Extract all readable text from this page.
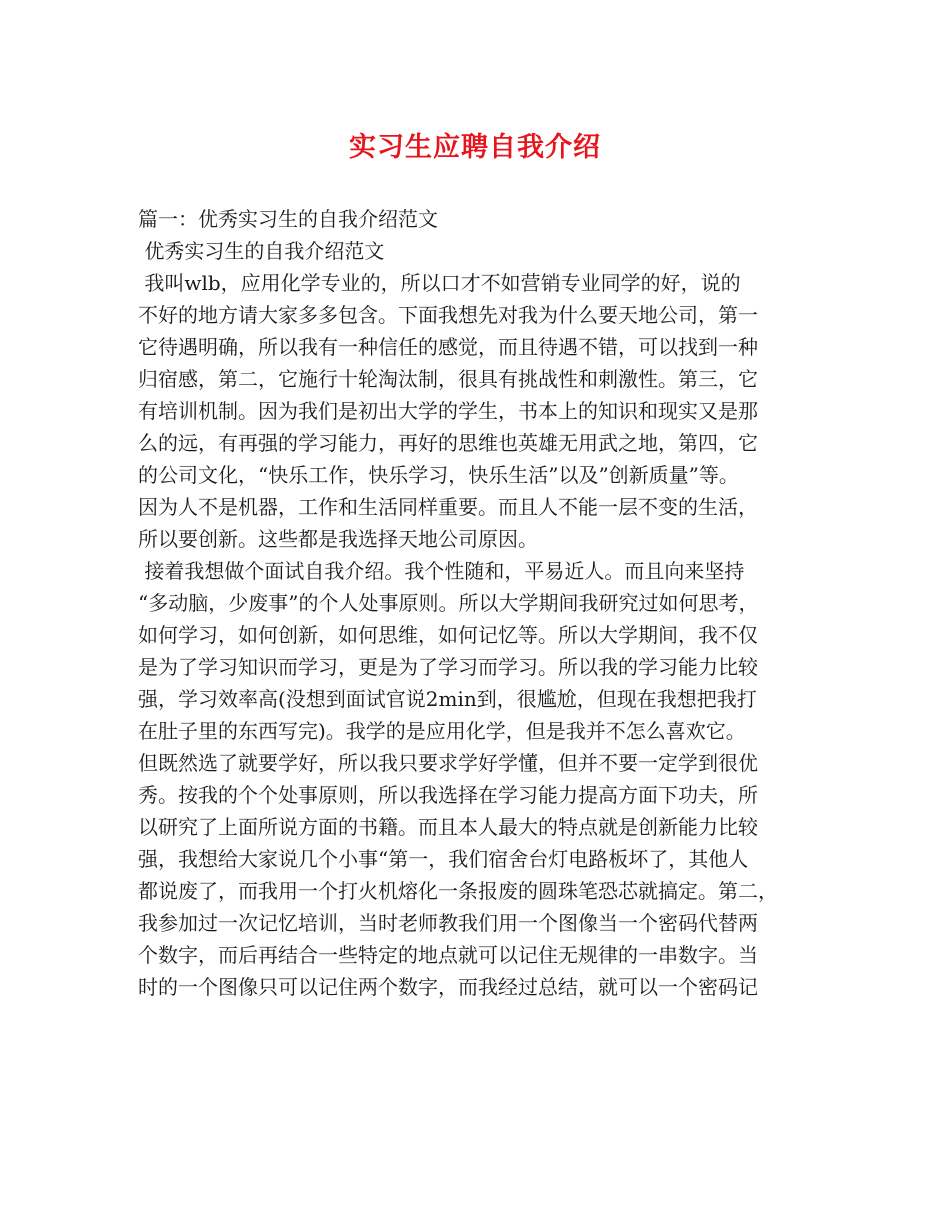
实习生应聘自我介绍
篇一：优秀实习生的自我介绍范文
优秀实习生的自我介绍范文
我叫wlb，应用化学专业的，所以口才不如营销专业同学的好，说的
不好的地方请大家多多包含。下面我想先对我为什么要天地公司，第一
它待遇明确，所以我有一种信任的感觉，而且待遇不错，可以找到一种
归宿感，第二，它施行十轮淘汰制，很具有挑战性和刺激性。第三，它
有培训机制。因为我们是初出大学的学生，书本上的知识和现实又是那
么的远，有再强的学习能力，再好的思维也英雄无用武之地，第四，它
的公司文化，“快乐工作，快乐学习，快乐生活”以及”创新质量”等。
因为人不是机器，工作和生活同样重要。而且人不能一层不变的生活，
所以要创新。这些都是我选择天地公司原因。
接着我想做个面试自我介绍。我个性随和，平易近人。而且向来坚持
“多动脑，少废事”的个人处事原则。所以大学期间我研究过如何思考，
如何学习，如何创新，如何思维，如何记忆等。所以大学期间，我不仅
是为了学习知识而学习，更是为了学习而学习。所以我的学习能力比较
强，学习效率高(没想到面试官说2min到，很尴尬，但现在我想把我打
在肚子里的东西写完)。我学的是应用化学，但是我并不怎么喜欢它。
但既然选了就要学好，所以我只要求学好学懂，但并不要一定学到很优
秀。按我的个个处事原则，所以我选择在学习能力提高方面下功夫，所
以研究了上面所说方面的书籍。而且本人最大的特点就是创新能力比较
强，我想给大家说几个小事“第一，我们宿舍台灯电路板坏了，其他人
都说废了，而我用一个打火机熔化一条报废的圆珠笔恐芯就搞定。第二，
我参加过一次记忆培训，当时老师教我们用一个图像当一个密码代替两
个数字，而后再结合一些特定的地点就可以记住无规律的一串数字。当
时的一个图像只可以记住两个数字，而我经过总结，就可以一个密码记
